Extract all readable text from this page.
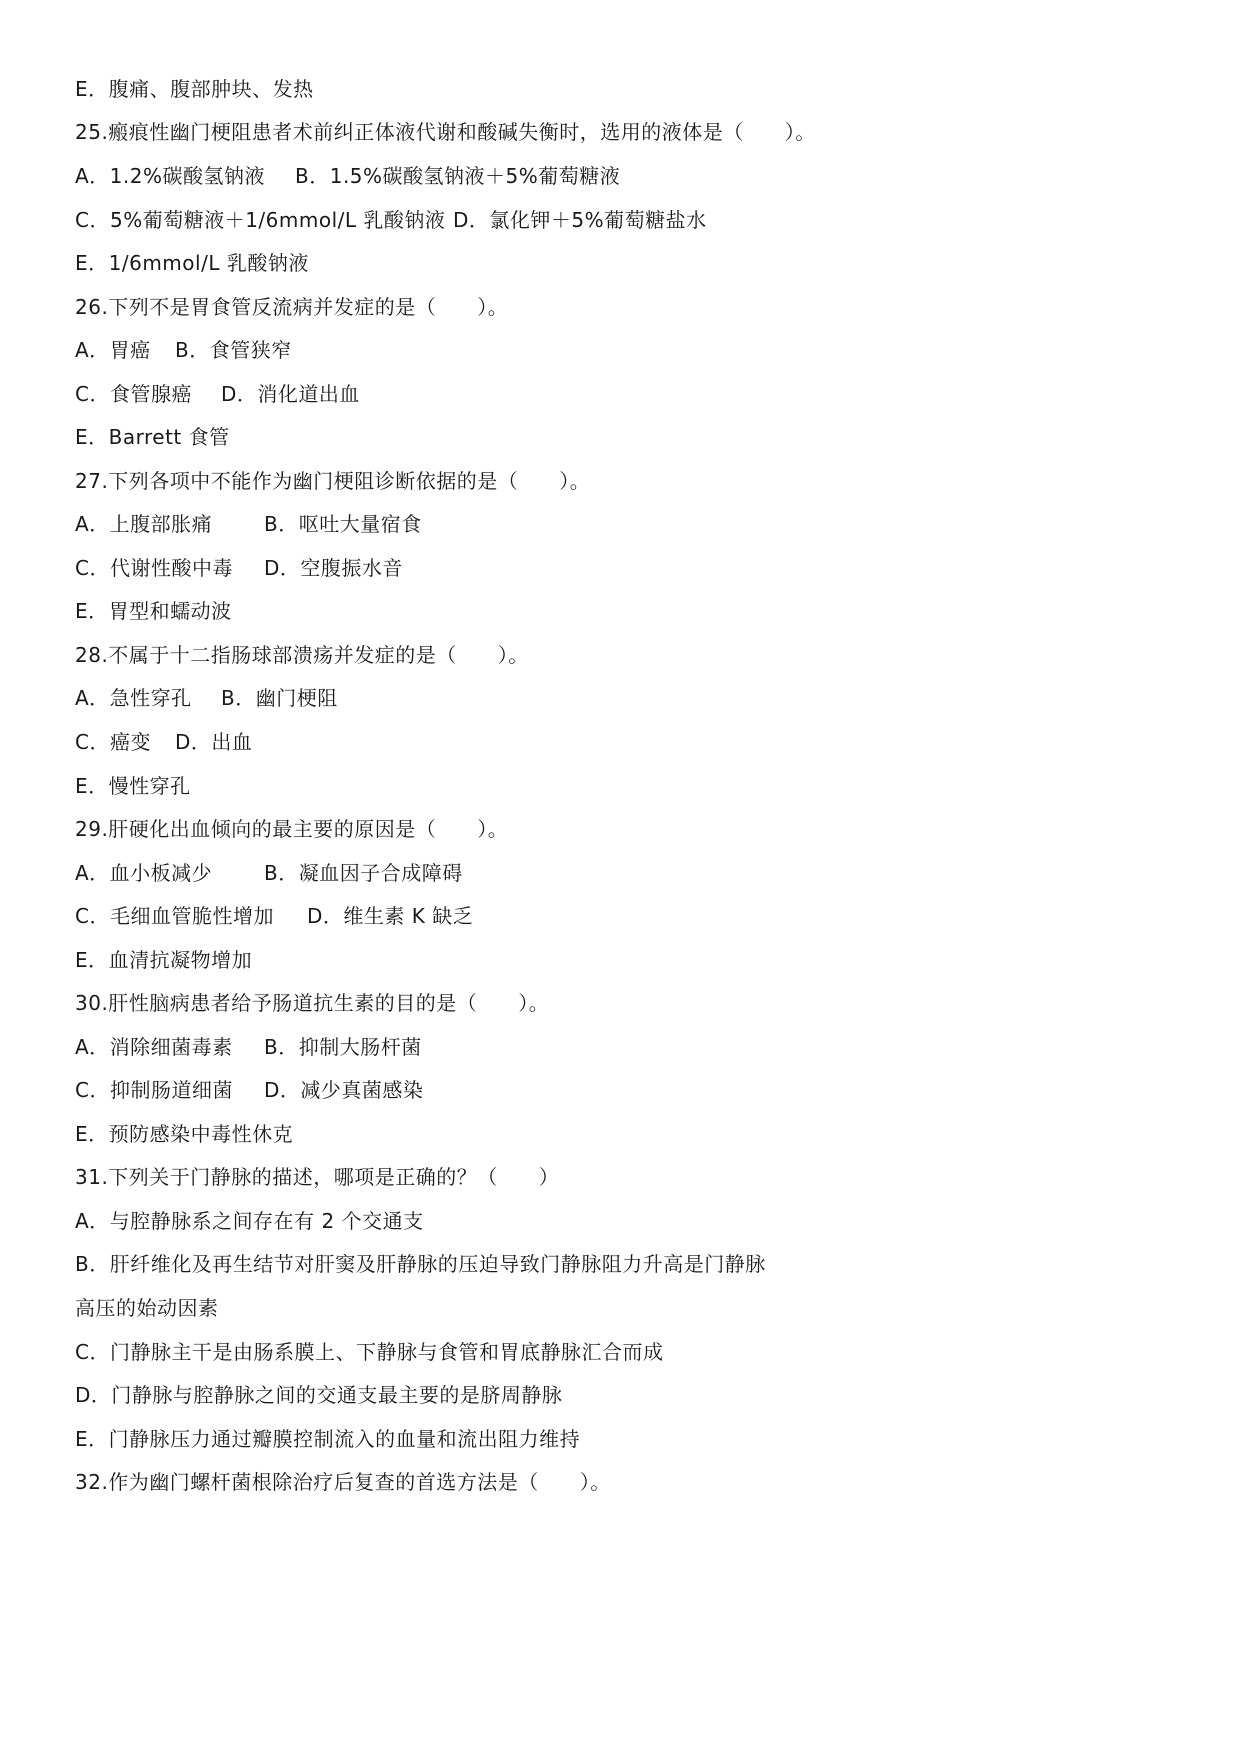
E．腹痛、腹部肿块、发热
25.瘢痕性幽门梗阻患者术前纠正体液代谢和酸碱失衡时，选用的液体是（　　）。
A．1.2%碳酸氢钠液 B．1.5%碳酸氢钠液＋5%葡萄糖液
C．5%葡萄糖液＋1/6mmol/L 乳酸钠液 D．氯化钾＋5%葡萄糖盐水
E．1/6mmol/L 乳酸钠液
26.下列不是胃食管反流病并发症的是（　　）。
A．胃癌 B．食管狭窄
C．食管腺癌 D．消化道出血
E．Barrett 食管
27.下列各项中不能作为幽门梗阻诊断依据的是（　　）。
A．上腹部胀痛	B．呕吐大量宿食
C．代谢性酸中毒 D．空腹振水音
E．胃型和蠕动波
28.不属于十二指肠球部溃疡并发症的是（　　）。
A．急性穿孔 B．幽门梗阻
C．癌变 D．出血
E．慢性穿孔
29.肝硬化出血倾向的最主要的原因是（　　）。
A．血小板减少	B．凝血因子合成障碍
C．毛细血管脆性增加 D．维生素 K 缺乏
E．血清抗凝物增加
30.肝性脑病患者给予肠道抗生素的目的是（　　）。
A．消除细菌毒素 B．抑制大肠杆菌
C．抑制肠道细菌 D．减少真菌感染
E．预防感染中毒性休克
31.下列关于门静脉的描述，哪项是正确的？（　　）
A．与腔静脉系之间存在有 2 个交通支
B．肝纤维化及再生结节对肝窦及肝静脉的压迫导致门静脉阻力升高是门静脉
高压的始动因素
C．门静脉主干是由肠系膜上、下静脉与食管和胃底静脉汇合而成
D．门静脉与腔静脉之间的交通支最主要的是脐周静脉
E．门静脉压力通过瓣膜控制流入的血量和流出阻力维持
32.作为幽门螺杆菌根除治疗后复查的首选方法是（　　）。
